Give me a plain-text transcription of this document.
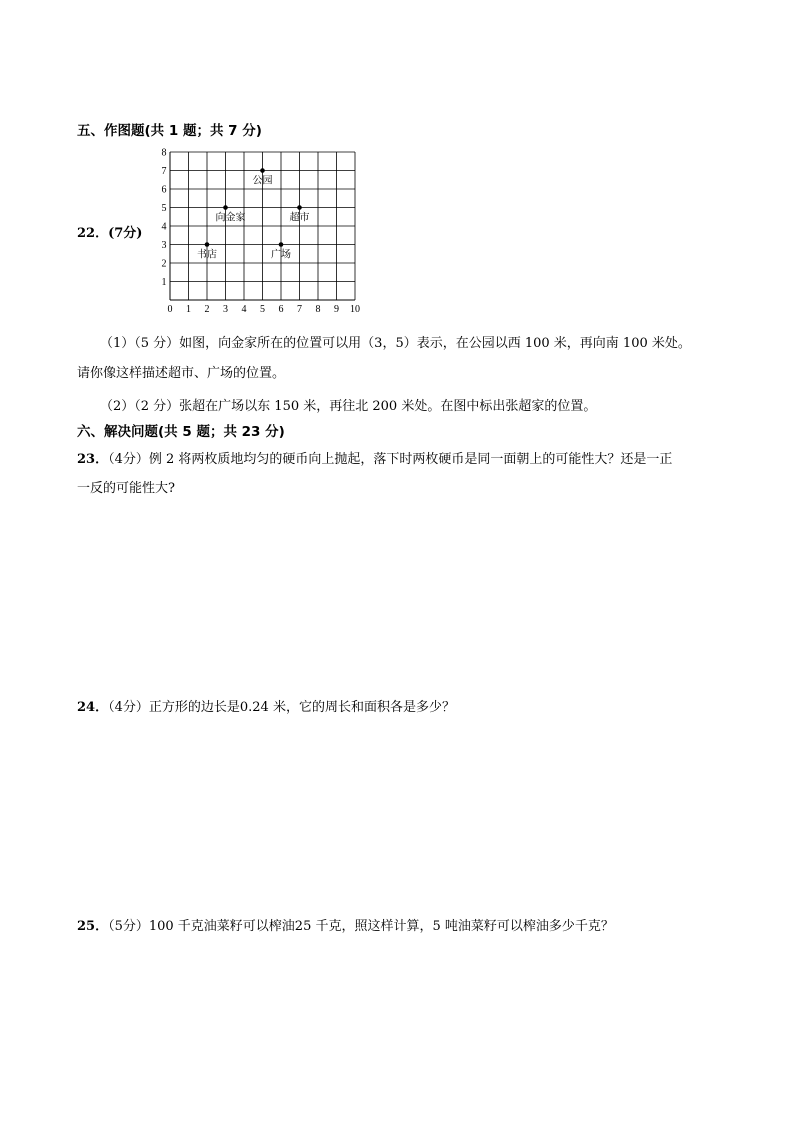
五、作图题(共 1 题；共 7 分)
22．(7分)
0 1 2 3 4 5 6 7 8 9 10
1
2
3
4
5
6
7
8
公园
向金家	超市
书店	广场
（1）（5 分）如图，向金家所在的位置可以用（3，5）表示，在公园以西 100 米，再向南 100 米处。
请你像这样描述超市、广场的位置。
（2）（2 分）张超在广场以东 150 米，再往北 200 米处。在图中标出张超家的位置。
六、解决问题(共 5 题；共 23 分)
23．（4分）例 2 将两枚质地均匀的硬币向上抛起，落下时两枚硬币是同一面朝上的可能性大？还是一正
一反的可能性大?
24．（4分）正方形的边长是0.24 米，它的周长和面积各是多少？
25．（5分）100 千克油菜籽可以榨油25 千克，照这样计算，5 吨油菜籽可以榨油多少千克？
